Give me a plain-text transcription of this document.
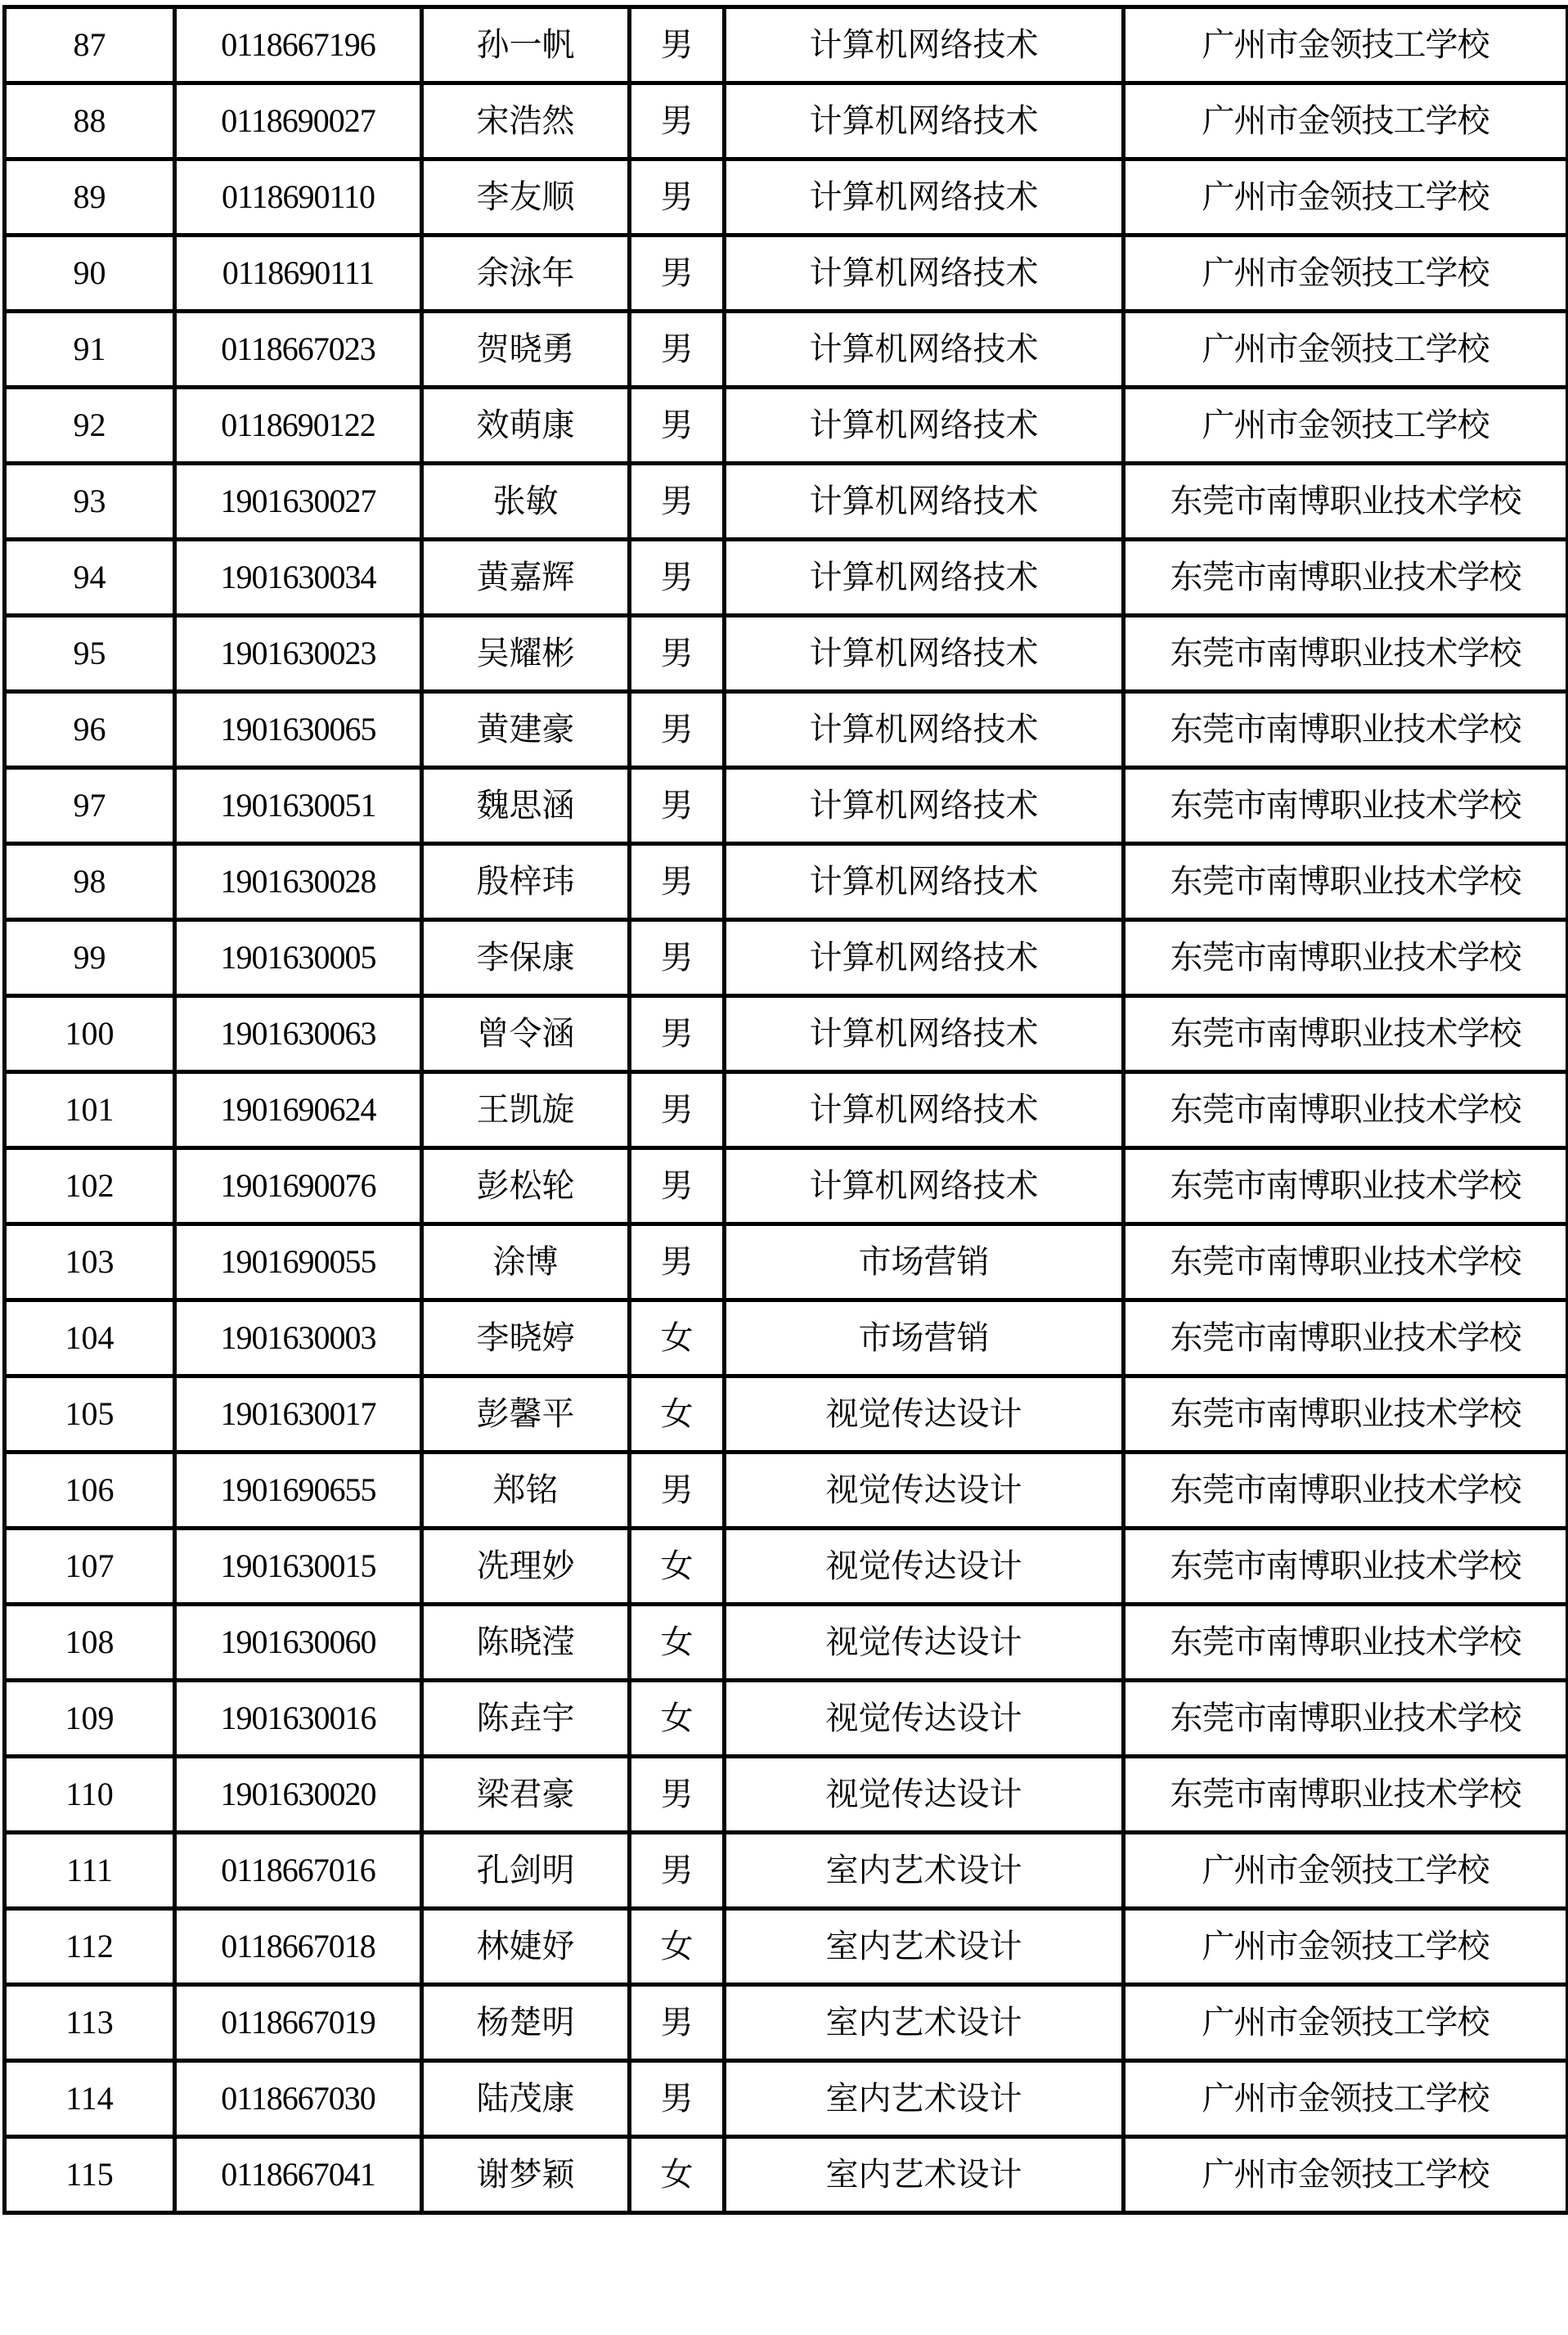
87	0118667196	孙一帆	男	计算机网络技术	广州市金领技工学校
88	0118690027	宋浩然	男	计算机网络技术	广州市金领技工学校
89	0118690110	李友顺	男	计算机网络技术	广州市金领技工学校
90	0118690111	余泳年	男	计算机网络技术	广州市金领技工学校
91	0118667023	贺晓勇	男	计算机网络技术	广州市金领技工学校
92	0118690122	效萌康	男	计算机网络技术	广州市金领技工学校
93	1901630027	张敏	男	计算机网络技术	东莞市南博职业技术学校
94	1901630034	黄嘉辉	男	计算机网络技术	东莞市南博职业技术学校
95	1901630023	吴耀彬	男	计算机网络技术	东莞市南博职业技术学校
96	1901630065	黄建豪	男	计算机网络技术	东莞市南博职业技术学校
97	1901630051	魏思涵	男	计算机网络技术	东莞市南博职业技术学校
98	1901630028	殷梓玮	男	计算机网络技术	东莞市南博职业技术学校
99	1901630005	李保康	男	计算机网络技术	东莞市南博职业技术学校
100	1901630063	曾令涵	男	计算机网络技术	东莞市南博职业技术学校
101	1901690624	王凯旋	男	计算机网络技术	东莞市南博职业技术学校
102	1901690076	彭松轮	男	计算机网络技术	东莞市南博职业技术学校
103	1901690055	涂博	男	市场营销	东莞市南博职业技术学校
104	1901630003	李晓婷	女	市场营销	东莞市南博职业技术学校
105	1901630017	彭馨平	女	视觉传达设计	东莞市南博职业技术学校
106	1901690655	郑铭	男	视觉传达设计	东莞市南博职业技术学校
107	1901630015	冼理妙	女	视觉传达设计	东莞市南博职业技术学校
108	1901630060	陈晓滢	女	视觉传达设计	东莞市南博职业技术学校
109	1901630016	陈垚宇	女	视觉传达设计	东莞市南博职业技术学校
110	1901630020	梁君豪	男	视觉传达设计	东莞市南博职业技术学校
111	0118667016	孔剑明	男	室内艺术设计	广州市金领技工学校
112	0118667018	林婕妤	女	室内艺术设计	广州市金领技工学校
113	0118667019	杨楚明	男	室内艺术设计	广州市金领技工学校
114	0118667030	陆茂康	男	室内艺术设计	广州市金领技工学校
115	0118667041	谢梦颖	女	室内艺术设计	广州市金领技工学校
